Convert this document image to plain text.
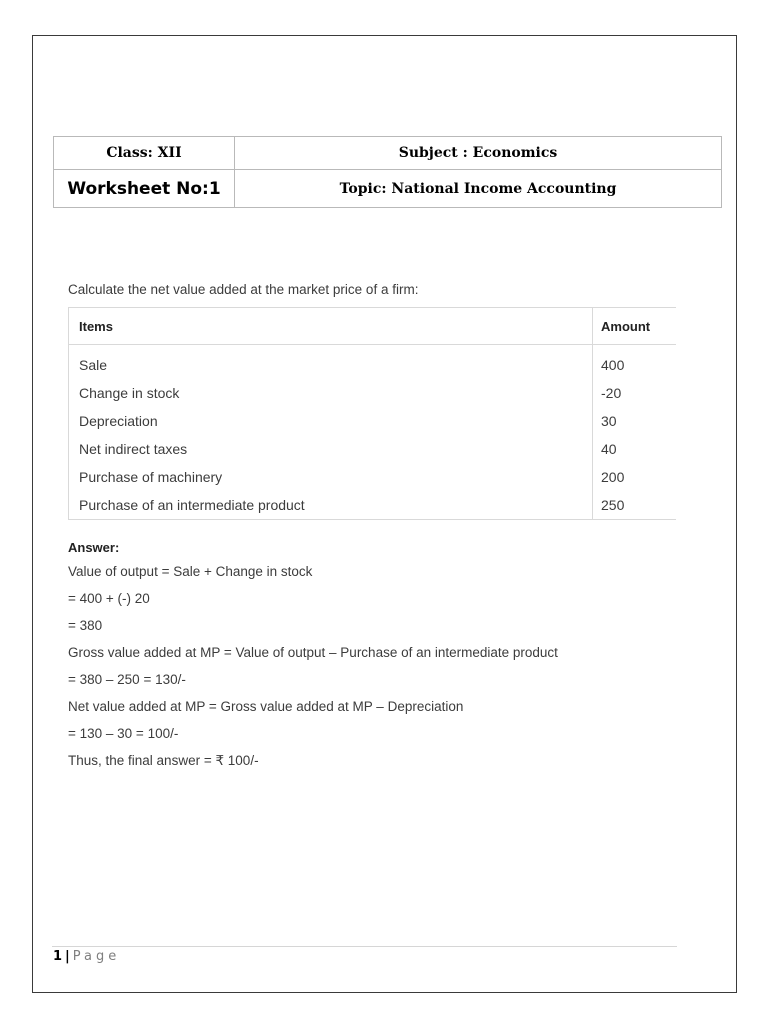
Class: XII	Subject : Economics
Worksheet No:1	Topic: National Income Accounting
Calculate the net value added at the market price of a firm:
Items	Amount
Sale	400
Change in stock	-20
Depreciation	30
Net indirect taxes	40
Purchase of machinery	200
Purchase of an intermediate product	250
Answer:
Value of output = Sale + Change in stock
= 400 + (-) 20
= 380
Gross value added at MP = Value of output – Purchase of an intermediate product
= 380 – 250 = 130/-
Net value added at MP = Gross value added at MP – Depreciation
= 130 – 30 = 100/-
Thus, the final answer = ₹ 100/-
1 | Page
